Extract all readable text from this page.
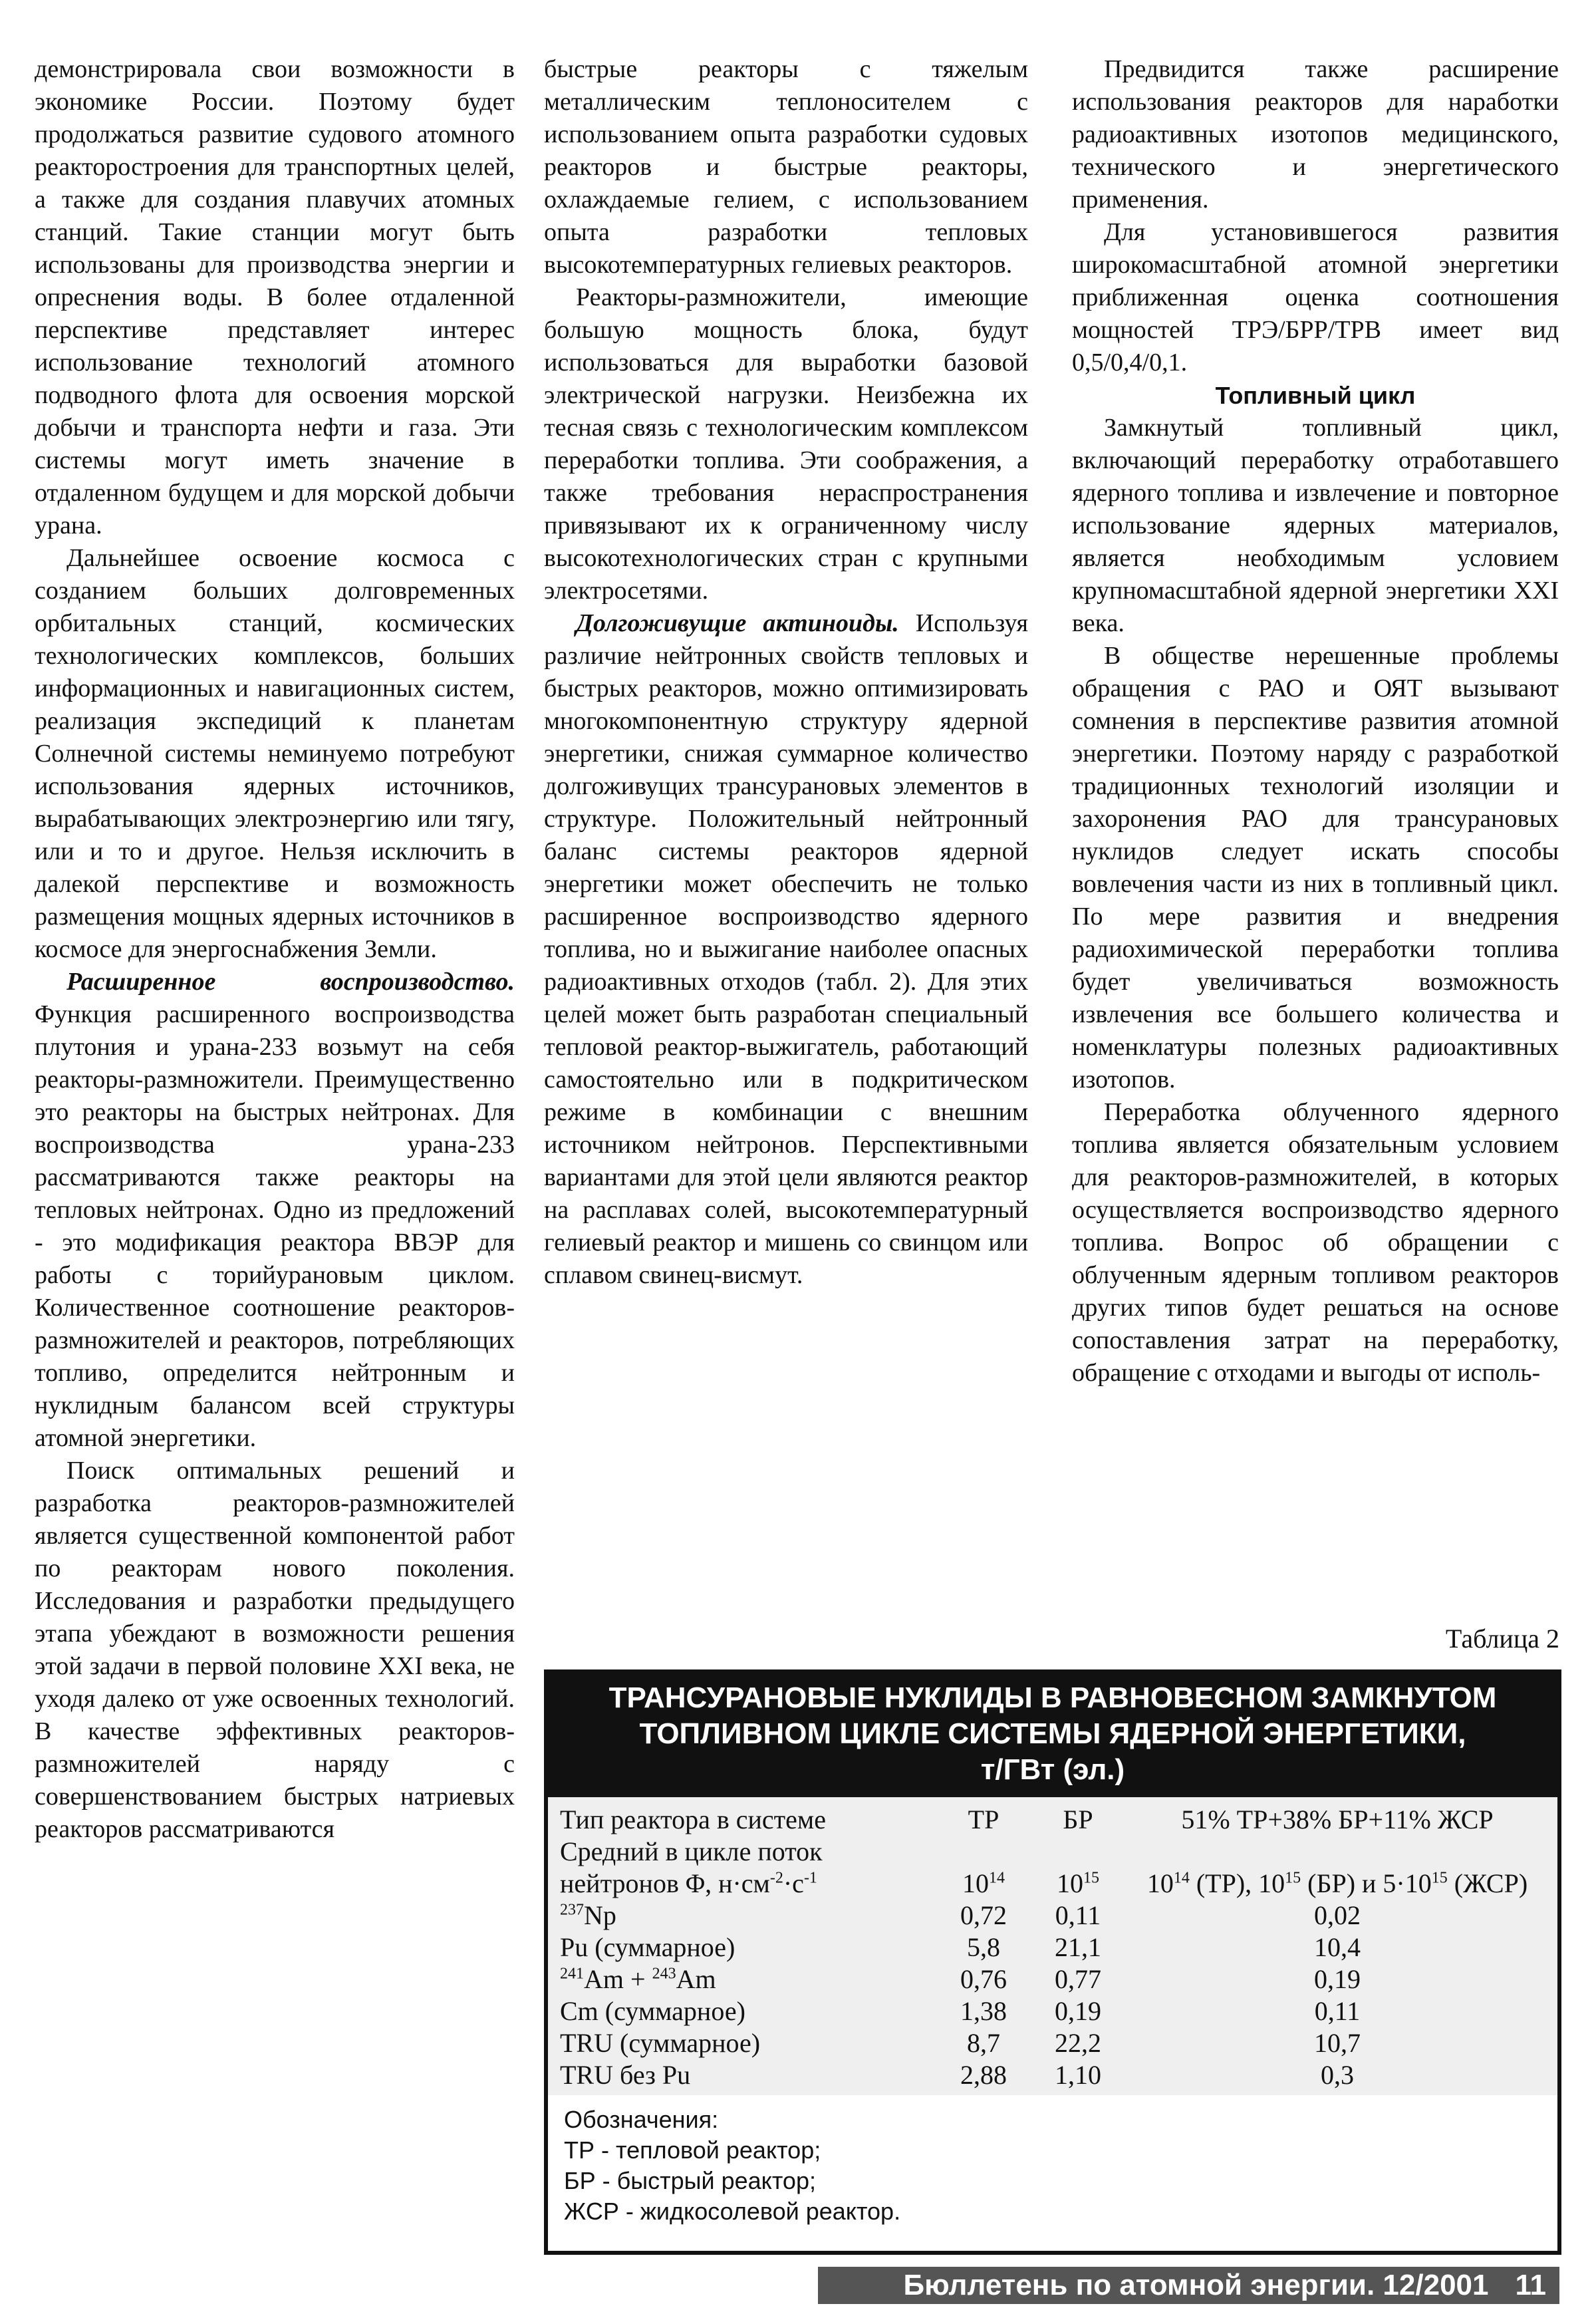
демонстрировала свои возможности в экономике России. Поэтому будет продолжаться развитие судового атомного реакторостроения для транспортных целей, а также для создания плавучих атомных станций. Такие станции могут быть использованы для производства энергии и опреснения воды. В более отдаленной перспективе представляет интерес использование технологий атомного подводного флота для освоения морской добычи и транспорта нефти и газа. Эти системы могут иметь значение в отдаленном будущем и для морской добычи урана.

Дальнейшее освоение космоса с созданием больших долговременных орбитальных станций, космических технологических комплексов, больших информационных и навигационных систем, реализация экспедиций к планетам Солнечной системы неминуемо потребуют использования ядерных источников, вырабатывающих электроэнергию или тягу, или и то и другое. Нельзя исключить в далекой перспективе и возможность размещения мощных ядерных источников в космосе для энергоснабжения Земли.

Расширенное воспроизводство. Функция расширенного воспроизводства плутония и урана-233 возьмут на себя реакторы-размножители. Преимущественно это реакторы на быстрых нейтронах. Для воспроизводства урана-233 рассматриваются также реакторы на тепловых нейтронах. Одно из предложений - это модификация реактора ВВЭР для работы с торийурановым циклом. Количественное соотношение реакторов-размножителей и реакторов, потребляющих топливо, определится нейтронным и нуклидным балансом всей структуры атомной энергетики.

Поиск оптимальных решений и разработка реакторов-размножителей является существенной компонентой работ по реакторам нового поколения. Исследования и разработки предыдущего этапа убеждают в возможности решения этой задачи в первой половине XXI века, не уходя далеко от уже освоенных технологий. В качестве эффективных реакторов-размножителей наряду с совершенствованием быстрых натриевых реакторов рассматриваются

быстрые реакторы с тяжелым металлическим теплоносителем с использованием опыта разработки судовых реакторов и быстрые реакторы, охлаждаемые гелием, с использованием опыта разработки тепловых высокотемпературных гелиевых реакторов.

Реакторы-размножители, имеющие большую мощность блока, будут использоваться для выработки базовой электрической нагрузки. Неизбежна их тесная связь с технологическим комплексом переработки топлива. Эти соображения, а также требования нераспространения привязывают их к ограниченному числу высокотехнологических стран с крупными электросетями.

Долгоживущие актиноиды. Используя различие нейтронных свойств тепловых и быстрых реакторов, можно оптимизировать многокомпонентную структуру ядерной энергетики, снижая суммарное количество долгоживущих трансурановых элементов в структуре. Положительный нейтронный баланс системы реакторов ядерной энергетики может обеспечить не только расширенное воспроизводство ядерного топлива, но и выжигание наиболее опасных радиоактивных отходов (табл. 2). Для этих целей может быть разработан специальный тепловой реактор-выжигатель, работающий самостоятельно или в подкритическом режиме в комбинации с внешним источником нейтронов. Перспективными вариантами для этой цели являются реактор на расплавах солей, высокотемпературный гелиевый реактор и мишень со свинцом или сплавом свинец-висмут.

Предвидится также расширение использования реакторов для наработки радиоактивных изотопов медицинского, технического и энергетического применения.

Для установившегося развития широкомасштабной атомной энергетики приближенная оценка соотношения мощностей ТРЭ/БРР/ТРВ имеет вид 0,5/0,4/0,1.

Топливный цикл

Замкнутый топливный цикл, включающий переработку отработавшего ядерного топлива и извлечение и повторное использование ядерных материалов, является необходимым условием крупномасштабной ядерной энергетики XXI века.

В обществе нерешенные проблемы обращения с РАО и ОЯТ вызывают сомнения в перспективе развития атомной энергетики. Поэтому наряду с разработкой традиционных технологий изоляции и захоронения РАО для трансурановых нуклидов следует искать способы вовлечения части из них в топливный цикл. По мере развития и внедрения радиохимической переработки топлива будет увеличиваться возможность извлечения все большего количества и номенклатуры полезных радиоактивных изотопов.

Переработка облученного ядерного топлива является обязательным условием для реакторов-размножителей, в которых осуществляется воспроизводство ядерного топлива. Вопрос об обращении с облученным ядерным топливом реакторов других типов будет решаться на основе сопоставления затрат на переработку, обращение с отходами и выгоды от исполь-

Таблица 2
ТРАНСУРАНОВЫЕ НУКЛИДЫ В РАВНОВЕСНОМ ЗАМКНУТОМ
ТОПЛИВНОМ ЦИКЛЕ СИСТЕМЫ ЯДЕРНОЙ ЭНЕРГЕТИКИ,
т/ГВт (эл.)
Тип реактора в системе	ТР	БР	51% ТР+38% БР+11% ЖСР
Средний в цикле поток			
нейтронов Φ, $н\cdot см^{-2}\cdot с^{-1}$	$10^{14}$	$10^{15}$	$10^{14}$ (ТР), $10^{15}$ (БР) и $5\cdot 10^{15}$ (ЖСР)
$^{237}$Np	0,72	0,11	0,02
Pu (суммарное)	5,8	21,1	10,4
$^{241}$Am + $^{243}$Am	0,76	0,77	0,19
Cm (суммарное)	1,38	0,19	0,11
TRU (суммарное)	8,7	22,2	10,7
TRU без Pu	2,88	1,10	0,3
Обозначения:
ТР - тепловой реактор;
БР - быстрый реактор;
ЖСР - жидкосолевой реактор.
Бюллетень по атомной энергии. 12/2001 11
